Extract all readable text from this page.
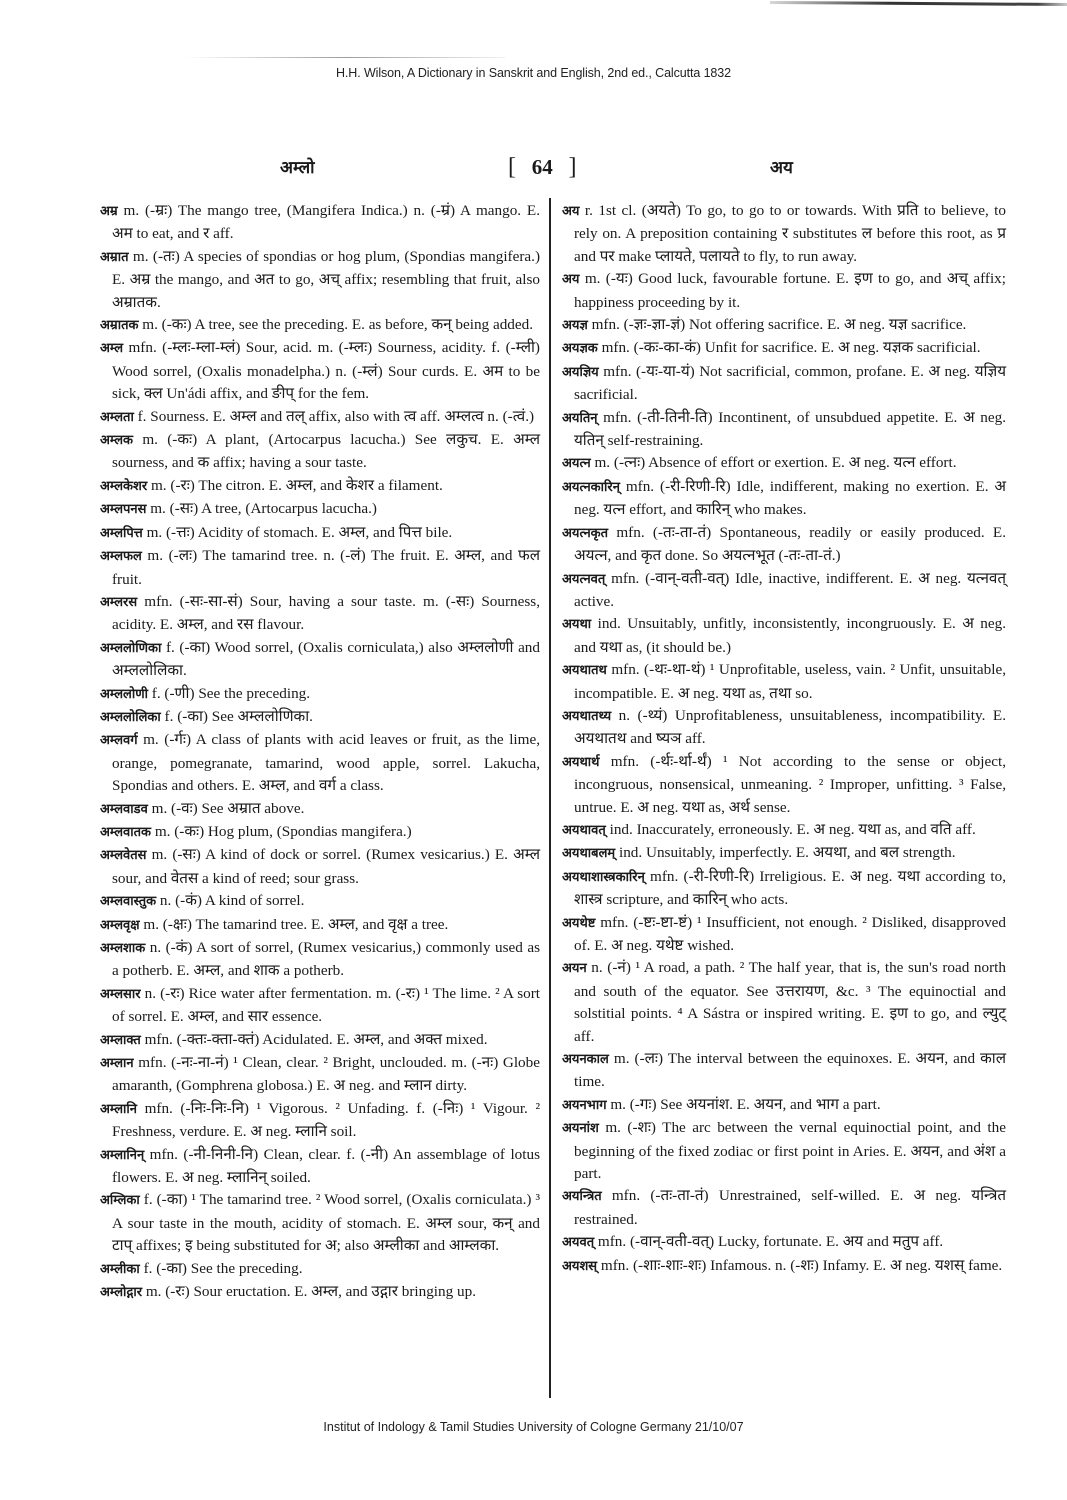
H.H. Wilson, A Dictionary in Sanskrit and English, 2nd ed., Calcutta 1832
अम्लो	[ 64 ]	अय

अम्र m. (-म्रः) The mango tree, (Mangifera Indica.) n. (-म्रं) A mango. E. अम to eat, and र aff.

अम्रात m. (-तः) A species of spondias or hog plum, (Spondias mangifera.) E. अम्र the mango, and अत to go, अच् affix; resembling that fruit, also अम्रातक.

अम्रातक m. (-कः) A tree, see the preceding. E. as before, कन् being added.

अम्ल mfn. (-म्लः-म्ला-म्लं) Sour, acid. m. (-म्लः) Sourness, acidity. f. (-म्ली) Wood sorrel, (Oxalis monadelpha.) n. (-म्लं) Sour curds. E. अम to be sick, क्ल Un'ádi affix, and ङीप् for the fem.

अम्लता f. Sourness. E. अम्ल and तल् affix, also with त्व aff. अम्लत्व n. (-त्वं.)

अम्लक m. (-कः) A plant, (Artocarpus lacucha.) See लकुच. E. अम्ल sourness, and क affix; having a sour taste.

अम्लकेशर m. (-रः) The citron. E. अम्ल, and केशर a filament.

अम्लपनस m. (-सः) A tree, (Artocarpus lacucha.)

अम्लपित्त m. (-त्तः) Acidity of stomach. E. अम्ल, and पित्त bile.

अम्लफल m. (-लः) The tamarind tree. n. (-लं) The fruit. E. अम्ल, and फल fruit.

अम्लरस mfn. (-सः-सा-सं) Sour, having a sour taste. m. (-सः) Sourness, acidity. E. अम्ल, and रस flavour.

अम्ललोणिका f. (-का) Wood sorrel, (Oxalis corniculata,) also अम्ललोणी and अम्ललोलिका.

अम्ललोणी f. (-णी) See the preceding.

अम्ललोलिका f. (-का) See अम्ललोणिका.

अम्लवर्ग m. (-र्गः) A class of plants with acid leaves or fruit, as the lime, orange, pomegranate, tamarind, wood apple, sorrel. Lakucha, Spondias and others. E. अम्ल, and वर्ग a class.

अम्लवाडव m. (-वः) See अम्रात above.

अम्लवातक m. (-कः) Hog plum, (Spondias mangifera.)

अम्लवेतस m. (-सः) A kind of dock or sorrel. (Rumex vesicarius.) E. अम्ल sour, and वेतस a kind of reed; sour grass.

अम्लवास्तुक n. (-कं) A kind of sorrel.

अम्लवृक्ष m. (-क्षः) The tamarind tree. E. अम्ल, and वृक्ष a tree.

अम्लशाक n. (-कं) A sort of sorrel, (Rumex vesicarius,) commonly used as a potherb. E. अम्ल, and शाक a potherb.

अम्लसार n. (-रः) Rice water after fermentation. m. (-रः) ¹ The lime. ² A sort of sorrel. E. अम्ल, and सार essence.

अम्लाक्त mfn. (-क्तः-क्ता-क्तं) Acidulated. E. अम्ल, and अक्त mixed.

अम्लान mfn. (-नः-ना-नं) ¹ Clean, clear. ² Bright, unclouded. m. (-नः) Globe amaranth, (Gomphrena globosa.) E. अ neg. and म्लान dirty.

अम्लानि mfn. (-निः-निः-नि) ¹ Vigorous. ² Unfading. f. (-निः) ¹ Vigour. ² Freshness, verdure. E. अ neg. म्लानि soil.

अम्लानिन् mfn. (-नी-निनी-नि) Clean, clear. f. (-नी) An assemblage of lotus flowers. E. अ neg. म्लानिन् soiled.

अम्लिका f. (-का) ¹ The tamarind tree. ² Wood sorrel, (Oxalis corniculata.) ³ A sour taste in the mouth, acidity of stomach. E. अम्ल sour, कन् and टाप् affixes; इ being substituted for अ; also अम्लीका and आम्लका.

अम्लीका f. (-का) See the preceding.

अम्लोद्गार m. (-रः) Sour eructation. E. अम्ल, and उद्गार bringing up.

अय r. 1st cl. (अयते) To go, to go to or towards. With प्रति to believe, to rely on. A preposition containing र substitutes ल before this root, as प्र and पर make प्लायते, पलायते to fly, to run away.

अय m. (-यः) Good luck, favourable fortune. E. इण to go, and अच् affix; happiness proceeding by it.

अयज्ञ mfn. (-ज्ञः-ज्ञा-ज्ञं) Not offering sacrifice. E. अ neg. यज्ञ sacrifice.

अयज्ञक mfn. (-कः-का-कं) Unfit for sacrifice. E. अ neg. यज्ञक sacrificial.

अयज्ञिय mfn. (-यः-या-यं) Not sacrificial, common, profane. E. अ neg. यज्ञिय sacrificial.

अयतिन् mfn. (-ती-तिनी-ति) Incontinent, of unsubdued appetite. E. अ neg. यतिन् self-restraining.

अयत्न m. (-त्नः) Absence of effort or exertion. E. अ neg. यत्न effort.

अयत्नकारिन् mfn. (-री-रिणी-रि) Idle, indifferent, making no exertion. E. अ neg. यत्न effort, and कारिन् who makes.

अयत्नकृत mfn. (-तः-ता-तं) Spontaneous, readily or easily produced. E. अयत्न, and कृत done. So अयत्नभूत (-तः-ता-तं.)

अयत्नवत् mfn. (-वान्-वती-वत्) Idle, inactive, indifferent. E. अ neg. यत्नवत् active.

अयथा ind. Unsuitably, unfitly, inconsistently, incongruously. E. अ neg. and यथा as, (it should be.)

अयथातथ mfn. (-थः-था-थं) ¹ Unprofitable, useless, vain. ² Unfit, unsuitable, incompatible. E. अ neg. यथा as, तथा so.

अयथातथ्य n. (-थ्यं) Unprofitableness, unsuitableness, incompatibility. E. अयथातथ and ष्यञ aff.

अयथार्थ mfn. (-र्थः-र्था-र्थं) ¹ Not according to the sense or object, incongruous, nonsensical, unmeaning. ² Improper, unfitting. ³ False, untrue. E. अ neg. यथा as, अर्थ sense.

अयथावत् ind. Inaccurately, erroneously. E. अ neg. यथा as, and वति aff.

अयथाबलम् ind. Unsuitably, imperfectly. E. अयथा, and बल strength.

अयथाशास्त्रकारिन् mfn. (-री-रिणी-रि) Irreligious. E. अ neg. यथा according to, शास्त्र scripture, and कारिन् who acts.

अयथेष्ट mfn. (-ष्टः-ष्टा-ष्टं) ¹ Insufficient, not enough. ² Disliked, disapproved of. E. अ neg. यथेष्ट wished.

अयन n. (-नं) ¹ A road, a path. ² The half year, that is, the sun's road north and south of the equator. See उत्तरायण, &c. ³ The equinoctial and solstitial points. ⁴ A Sástra or inspired writing. E. इण to go, and ल्युट् aff.

अयनकाल m. (-लः) The interval between the equinoxes. E. अयन, and काल time.

अयनभाग m. (-गः) See अयनांश. E. अयन, and भाग a part.

अयनांश m. (-शः) The arc between the vernal equinoctial point, and the beginning of the fixed zodiac or first point in Aries. E. अयन, and अंश a part.

अयन्त्रित mfn. (-तः-ता-तं) Unrestrained, self-willed. E. अ neg. यन्त्रित restrained.

अयवत् mfn. (-वान्-वती-वत्) Lucky, fortunate. E. अय and मतुप aff.

अयशस् mfn. (-शाः-शाः-शः) Infamous. n. (-शः) Infamy. E. अ neg. यशस् fame.

Institut of Indology & Tamil Studies University of Cologne Germany 21/10/07
